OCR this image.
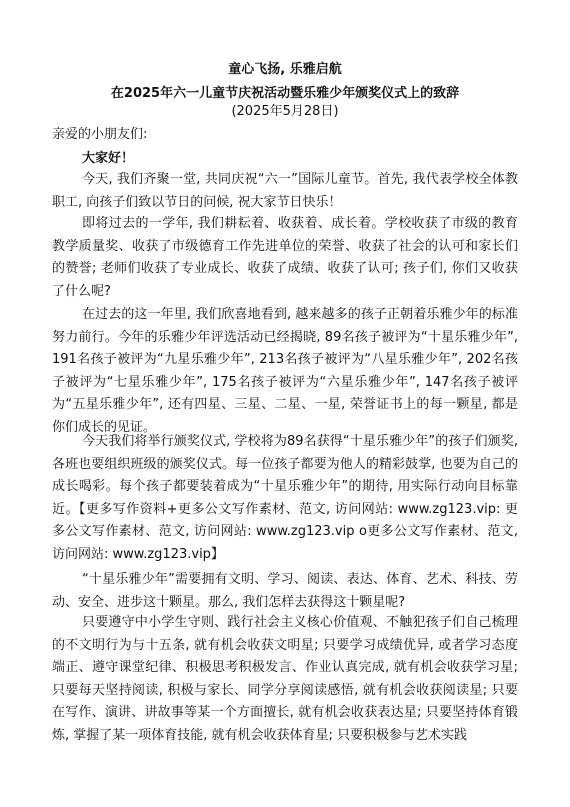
童心飞扬, 乐雅启航
在2025年六一儿童节庆祝活动暨乐雅少年颁奖仪式上的致辞
(2025年5月28日)
亲爱的小朋友们:
大家好！

今天, 我们齐聚一堂, 共同庆祝“六一”国际儿童节。首先, 我代表学校全体教职工, 向孩子们致以节日的问候, 祝大家节日快乐！

即将过去的一学年, 我们耕耘着、收获着、成长着。学校收获了市级的教育教学质量奖、收获了市级德育工作先进单位的荣誉、收获了社会的认可和家长们的赞誉; 老师们收获了专业成长、收获了成绩、收获了认可; 孩子们, 你们又收获了什么呢?

在过去的这一年里, 我们欣喜地看到, 越来越多的孩子正朝着乐雅少年的标准努力前行。今年的乐雅少年评选活动已经揭晓, 89名孩子被评为“十星乐雅少年”, 191名孩子被评为“九星乐雅少年”, 213名孩子被评为“八星乐雅少年”, 202名孩子被评为“七星乐雅少年”, 175名孩子被评为“六星乐雅少年”, 147名孩子被评为“五星乐雅少年”, 还有四星、三星、二星、一星, 荣誉证书上的每一颗星, 都是你们成长的见证。

今天我们将举行颁奖仪式, 学校将为89名获得“十星乐雅少年”的孩子们颁奖, 各班也要组织班级的颁奖仪式。每一位孩子都要为他人的精彩鼓掌, 也要为自己的成长喝彩。每个孩子都要装着成为“十星乐雅少年”的期待, 用实际行动向目标靠近。【更多写作资料+更多公文写作素材、范文, 访问网站: www.zg123.vip: 更多公文写作素材、范文, 访问网站: www.zg123.vip o更多公文写作素材、范文, 访问网站: www.zg123.vip】

“十星乐雅少年”需要拥有文明、学习、阅读、表达、体育、艺术、科技、劳动、安全、进步这十颗星。那么, 我们怎样去获得这十颗星呢?

只要遵守中小学生守则、践行社会主义核心价值观、不触犯孩子们自己梳理的不文明行为与十五条, 就有机会收获文明星; 只要学习成绩优异, 或者学习态度端正、遵守课堂纪律、积极思考积极发言、作业认真完成, 就有机会收获学习星; 只要每天坚持阅读, 积极与家长、同学分享阅读感悟, 就有机会收获阅读星; 只要在写作、演讲、讲故事等某一个方面擅长, 就有机会收获表达星; 只要坚持体育锻炼, 掌握了某一项体育技能, 就有机会收获体育星; 只要积极参与艺术实践
